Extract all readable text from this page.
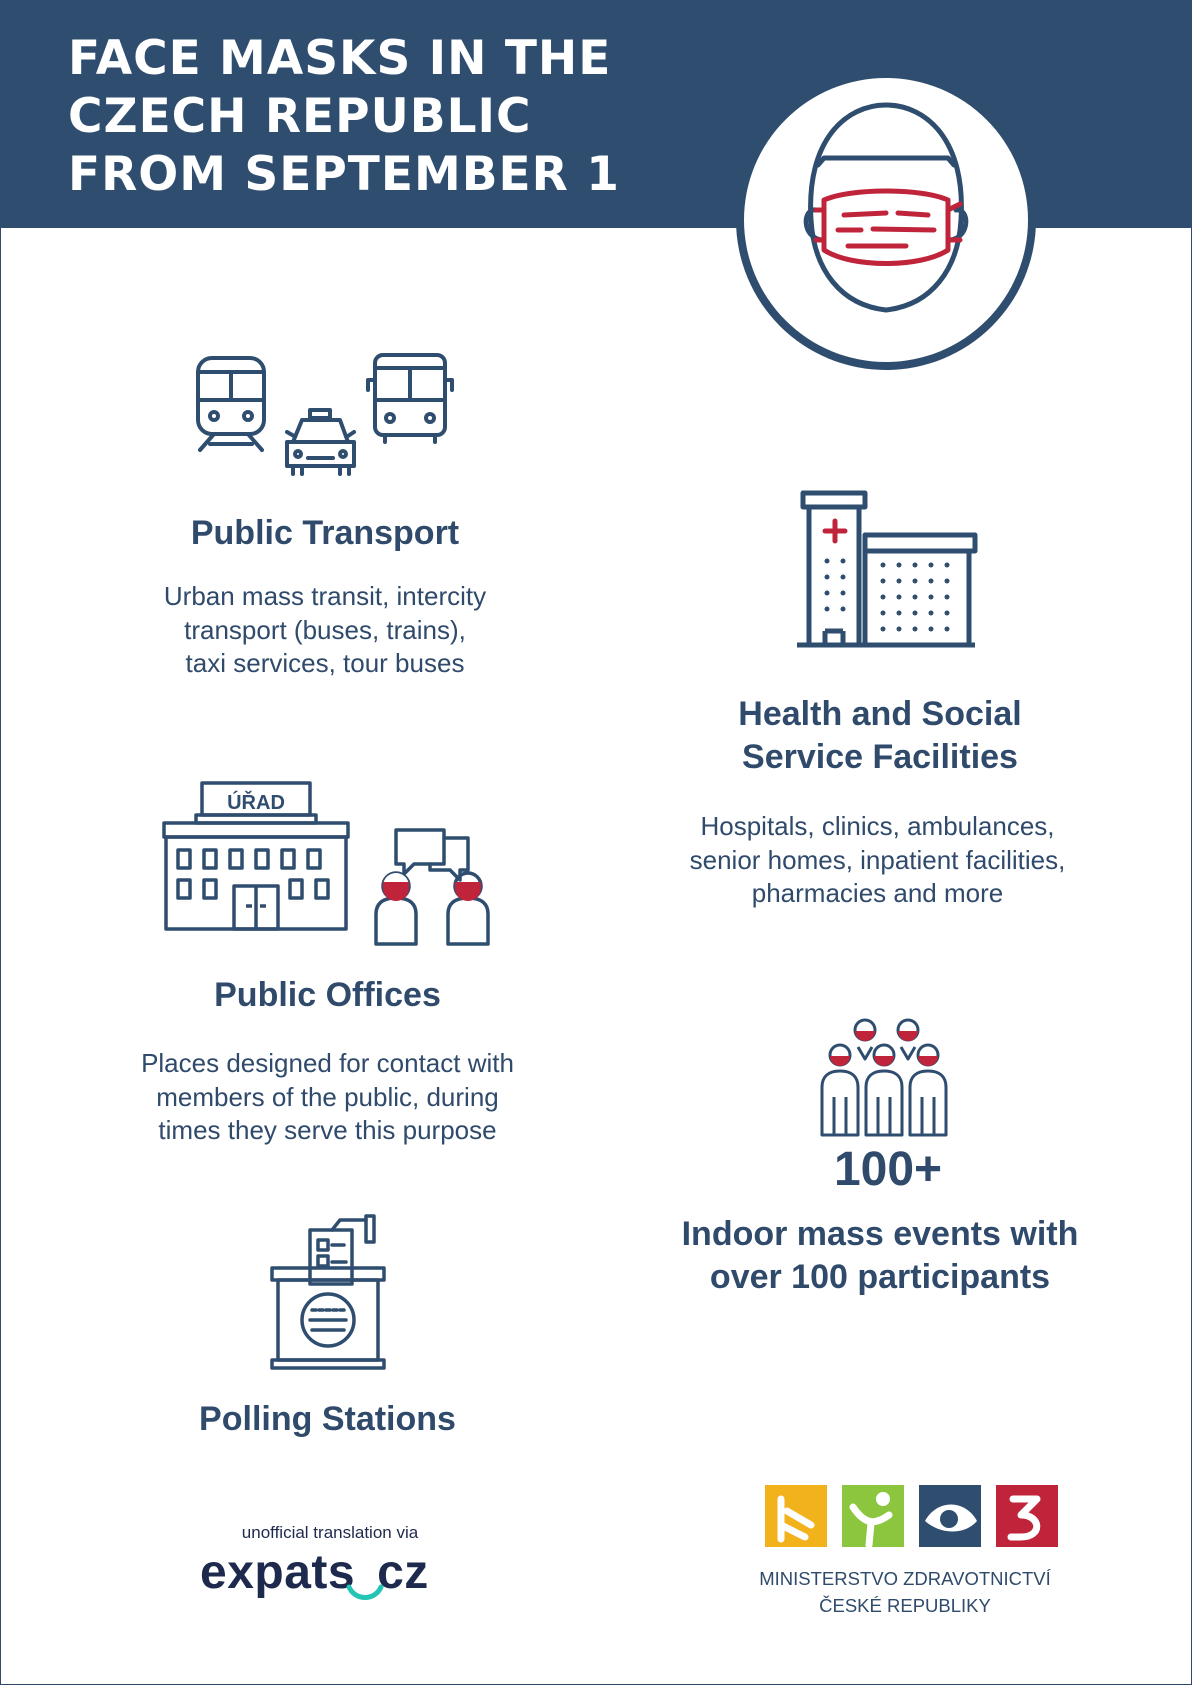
FACE MASKS IN THE
CZECH REPUBLIC
FROM SEPTEMBER 1
Public Transport

Urban mass transit, intercity
transport (buses, trains),
taxi services, tour buses

Health and Social
Service Facilities

Hospitals, clinics, ambulances,
senior homes, inpatient facilities,
pharmacies and more

ÚŘAD
Public Offices

Places designed for contact with
members of the public, during
times they serve this purpose

100+
Indoor mass events with
over 100 participants
Polling Stations
unofficial translation via
expats cz	MINISTERSTVO ZDRAVOTNICTVÍ
ČESKÉ REPUBLIKY
